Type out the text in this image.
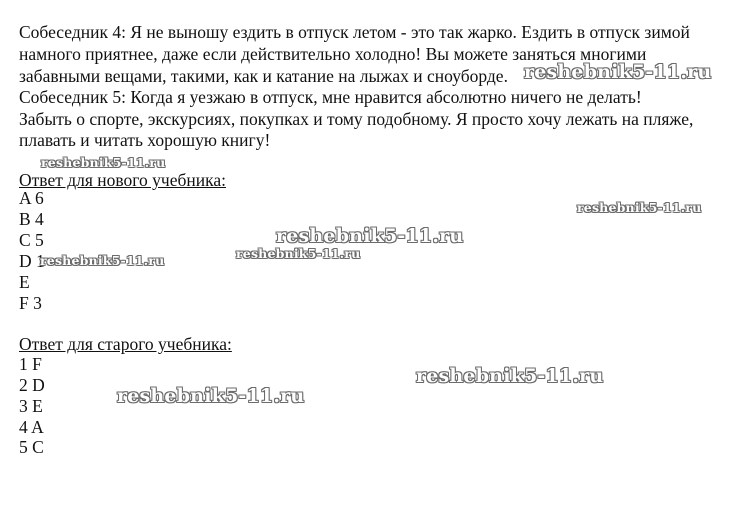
Собеседник 4: Я не выношу ездить в отпуск летом - это так жарко. Ездить в отпуск зимой
намного приятнее, даже если действительно холодно! Вы можете заняться многими
забавными вещами, такими, как и катание на лыжах и сноуборде.
Собеседник 5: Когда я уезжаю в отпуск, мне нравится абсолютно ничего не делать!
Забыть о спорте, экскурсиях, покупках и тому подобному. Я просто хочу лежать на пляже,
плавать и читать хорошую книгу!
Ответ для нового учебника:
A 6
B 4
C 5
D 1
E
F 3
Ответ для старого учебника:
1 F
2 D
3 E
4 A
5 C
reshebnik5-11.ru
reshebnik5-11.ru
reshebnik5-11.ru
reshebnik5-11.ru
reshebnik5-11.ru
reshebnik5-11.ru
reshebnik5-11.ru
reshebnik5-11.ru
